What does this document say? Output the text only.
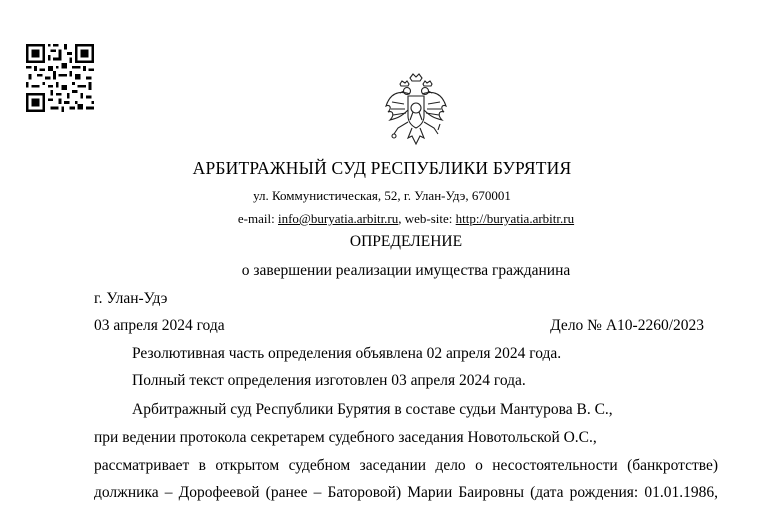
АРБИТРАЖНЫЙ СУД РЕСПУБЛИКИ БУРЯТИЯ
ул. Коммунистическая, 52, г. Улан-Удэ, 670001
e-mail: info@buryatia.arbitr.ru, web-site: http://buryatia.arbitr.ru
ОПРЕДЕЛЕНИЕ
о завершении реализации имущества гражданина
г. Улан-Удэ
03 апреля 2024 года	Дело № А10-2260/2023
Резолютивная часть определения объявлена 02 апреля 2024 года.
Полный текст определения изготовлен 03 апреля 2024 года.
Арбитражный суд Республики Бурятия в составе судьи Мантурова В. С.,
при ведении протокола секретарем судебного заседания Новотольской О.С.,
рассматривает в открытом судебном заседании дело о несостоятельности (банкротстве)
должника – Дорофеевой (ранее – Баторовой) Марии Баировны (дата рождения: 01.01.1986,
